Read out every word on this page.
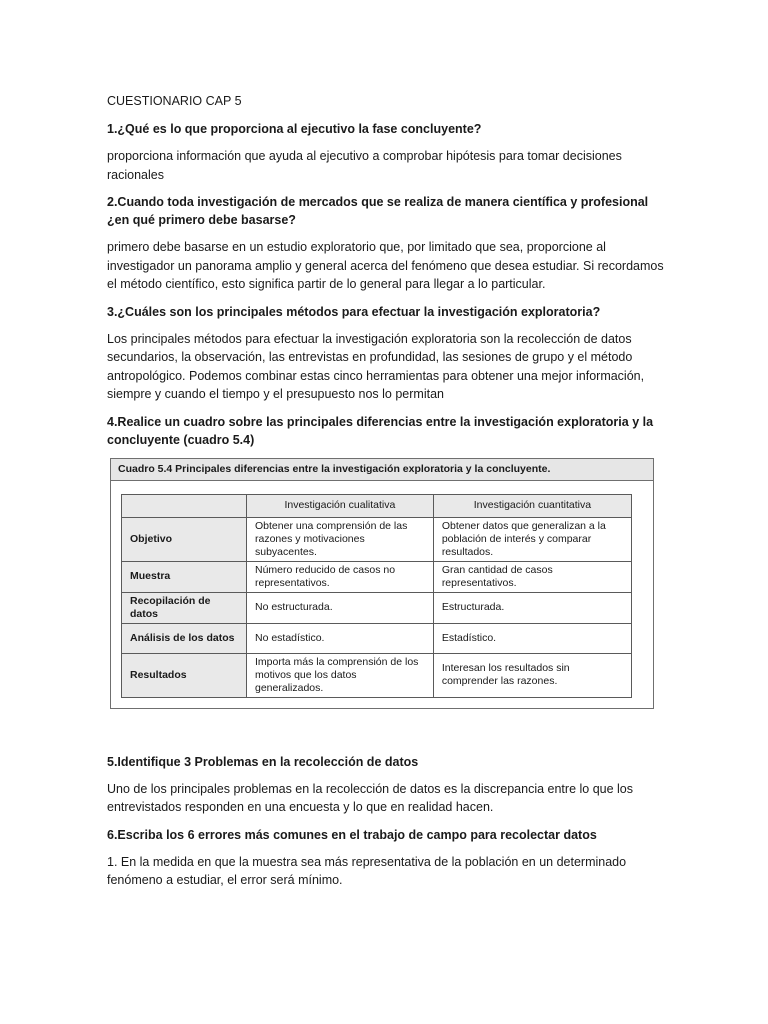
CUESTIONARIO CAP 5

1.¿Qué es lo que proporciona al ejecutivo la fase concluyente?

proporciona información que ayuda al ejecutivo a comprobar hipótesis para tomar decisiones racionales

2.Cuando toda investigación de mercados que se realiza de manera científica y profesional ¿en qué primero debe basarse?

primero debe basarse en un estudio exploratorio que, por limitado que sea, proporcione al investigador un panorama amplio y general acerca del fenómeno que desea estudiar. Si recordamos el método científico, esto significa partir de lo general para llegar a lo particular.

3.¿Cuáles son los principales métodos para efectuar la investigación exploratoria?

Los principales métodos para efectuar la investigación exploratoria son la recolección de datos secundarios, la observación, las entrevistas en profundidad, las sesiones de grupo y el método antropológico. Podemos combinar estas cinco herramientas para obtener una mejor información, siempre y cuando el tiempo y el presupuesto nos lo permitan

4.Realice un cuadro sobre las principales diferencias entre la investigación exploratoria y la concluyente (cuadro 5.4)

Cuadro 5.4 Principales diferencias entre la investigación exploratoria y la concluyente.
	Investigación cualitativa	Investigación cuantitativa
Objetivo	Obtener una comprensión de las razones y motivaciones subyacentes.	Obtener datos que generalizan a la población de interés y comparar resultados.
Muestra	Número reducido de casos no representativos.	Gran cantidad de casos representativos.
Recopilación de datos	No estructurada.	Estructurada.
Análisis de los datos	No estadístico.	Estadístico.
Resultados	Importa más la comprensión de los motivos que los datos generalizados.	Interesan los resultados sin comprender las razones.

5.Identifique 3 Problemas en la recolección de datos

Uno de los principales problemas en la recolección de datos es la discrepancia entre lo que los entrevistados responden en una encuesta y lo que en realidad hacen.

6.Escriba los 6 errores más comunes en el trabajo de campo para recolectar datos

1. En la medida en que la muestra sea más representativa de la población en un determinado fenómeno a estudiar, el error será mínimo.
